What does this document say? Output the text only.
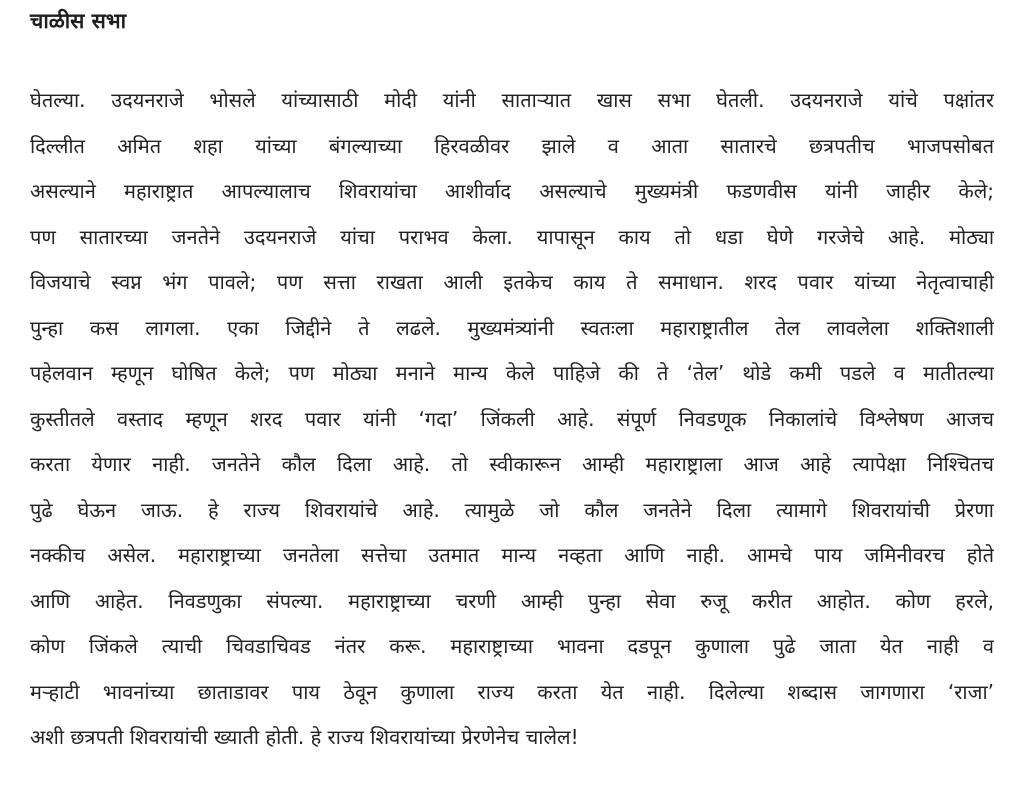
चाळीस सभा
घेतल्या. उदयनराजे भोसले यांच्यासाठी मोदी यांनी सातार्‍यात खास सभा घेतली. उदयनराजे यांचे पक्षांतर
दिल्लीत अमित शहा यांच्या बंगल्याच्या हिरवळीवर झाले व आता सातारचे छत्रपतीच भाजपसोबत
असल्याने महाराष्ट्रात आपल्यालाच शिवरायांचा आशीर्वाद असल्याचे मुख्यमंत्री फडणवीस यांनी जाहीर केले;
पण सातारच्या जनतेने उदयनराजे यांचा पराभव केला. यापासून काय तो धडा घेणे गरजेचे आहे. मोठ्या
विजयाचे स्वप्न भंग पावले; पण सत्ता राखता आली इतकेच काय ते समाधान. शरद पवार यांच्या नेतृत्वाचाही
पुन्हा कस लागला. एका जिद्दीने ते लढले. मुख्यमंत्र्यांनी स्वतःला महाराष्ट्रातील तेल लावलेला शक्तिशाली
पहेलवान म्हणून घोषित केले; पण मोठ्या मनाने मान्य केले पाहिजे की ते ‘तेल’ थोडे कमी पडले व मातीतल्या
कुस्तीतले वस्ताद म्हणून शरद पवार यांनी ‘गदा’ जिंकली आहे. संपूर्ण निवडणूक निकालांचे विश्लेषण आजच
करता येणार नाही. जनतेने कौल दिला आहे. तो स्वीकारून आम्ही महाराष्ट्राला आज आहे त्यापेक्षा निश्चितच
पुढे घेऊन जाऊ. हे राज्य शिवरायांचे आहे. त्यामुळे जो कौल जनतेने दिला त्यामागे शिवरायांची प्रेरणा
नक्कीच असेल. महाराष्ट्राच्या जनतेला सत्तेचा उतमात मान्य नव्हता आणि नाही. आमचे पाय जमिनीवरच होते
आणि आहेत. निवडणुका संपल्या. महाराष्ट्राच्या चरणी आम्ही पुन्हा सेवा रुजू करीत आहोत. कोण हरले,
कोण जिंकले त्याची चिवडाचिवड नंतर करू. महाराष्ट्राच्या भावना दडपून कुणाला पुढे जाता येत नाही व
मऱ्हाटी भावनांच्या छाताडावर पाय ठेवून कुणाला राज्य करता येत नाही. दिलेल्या शब्दास जागणारा ‘राजा’
अशी छत्रपती शिवरायांची ख्याती होती. हे राज्य शिवरायांच्या प्रेरणेनेच चालेल!
